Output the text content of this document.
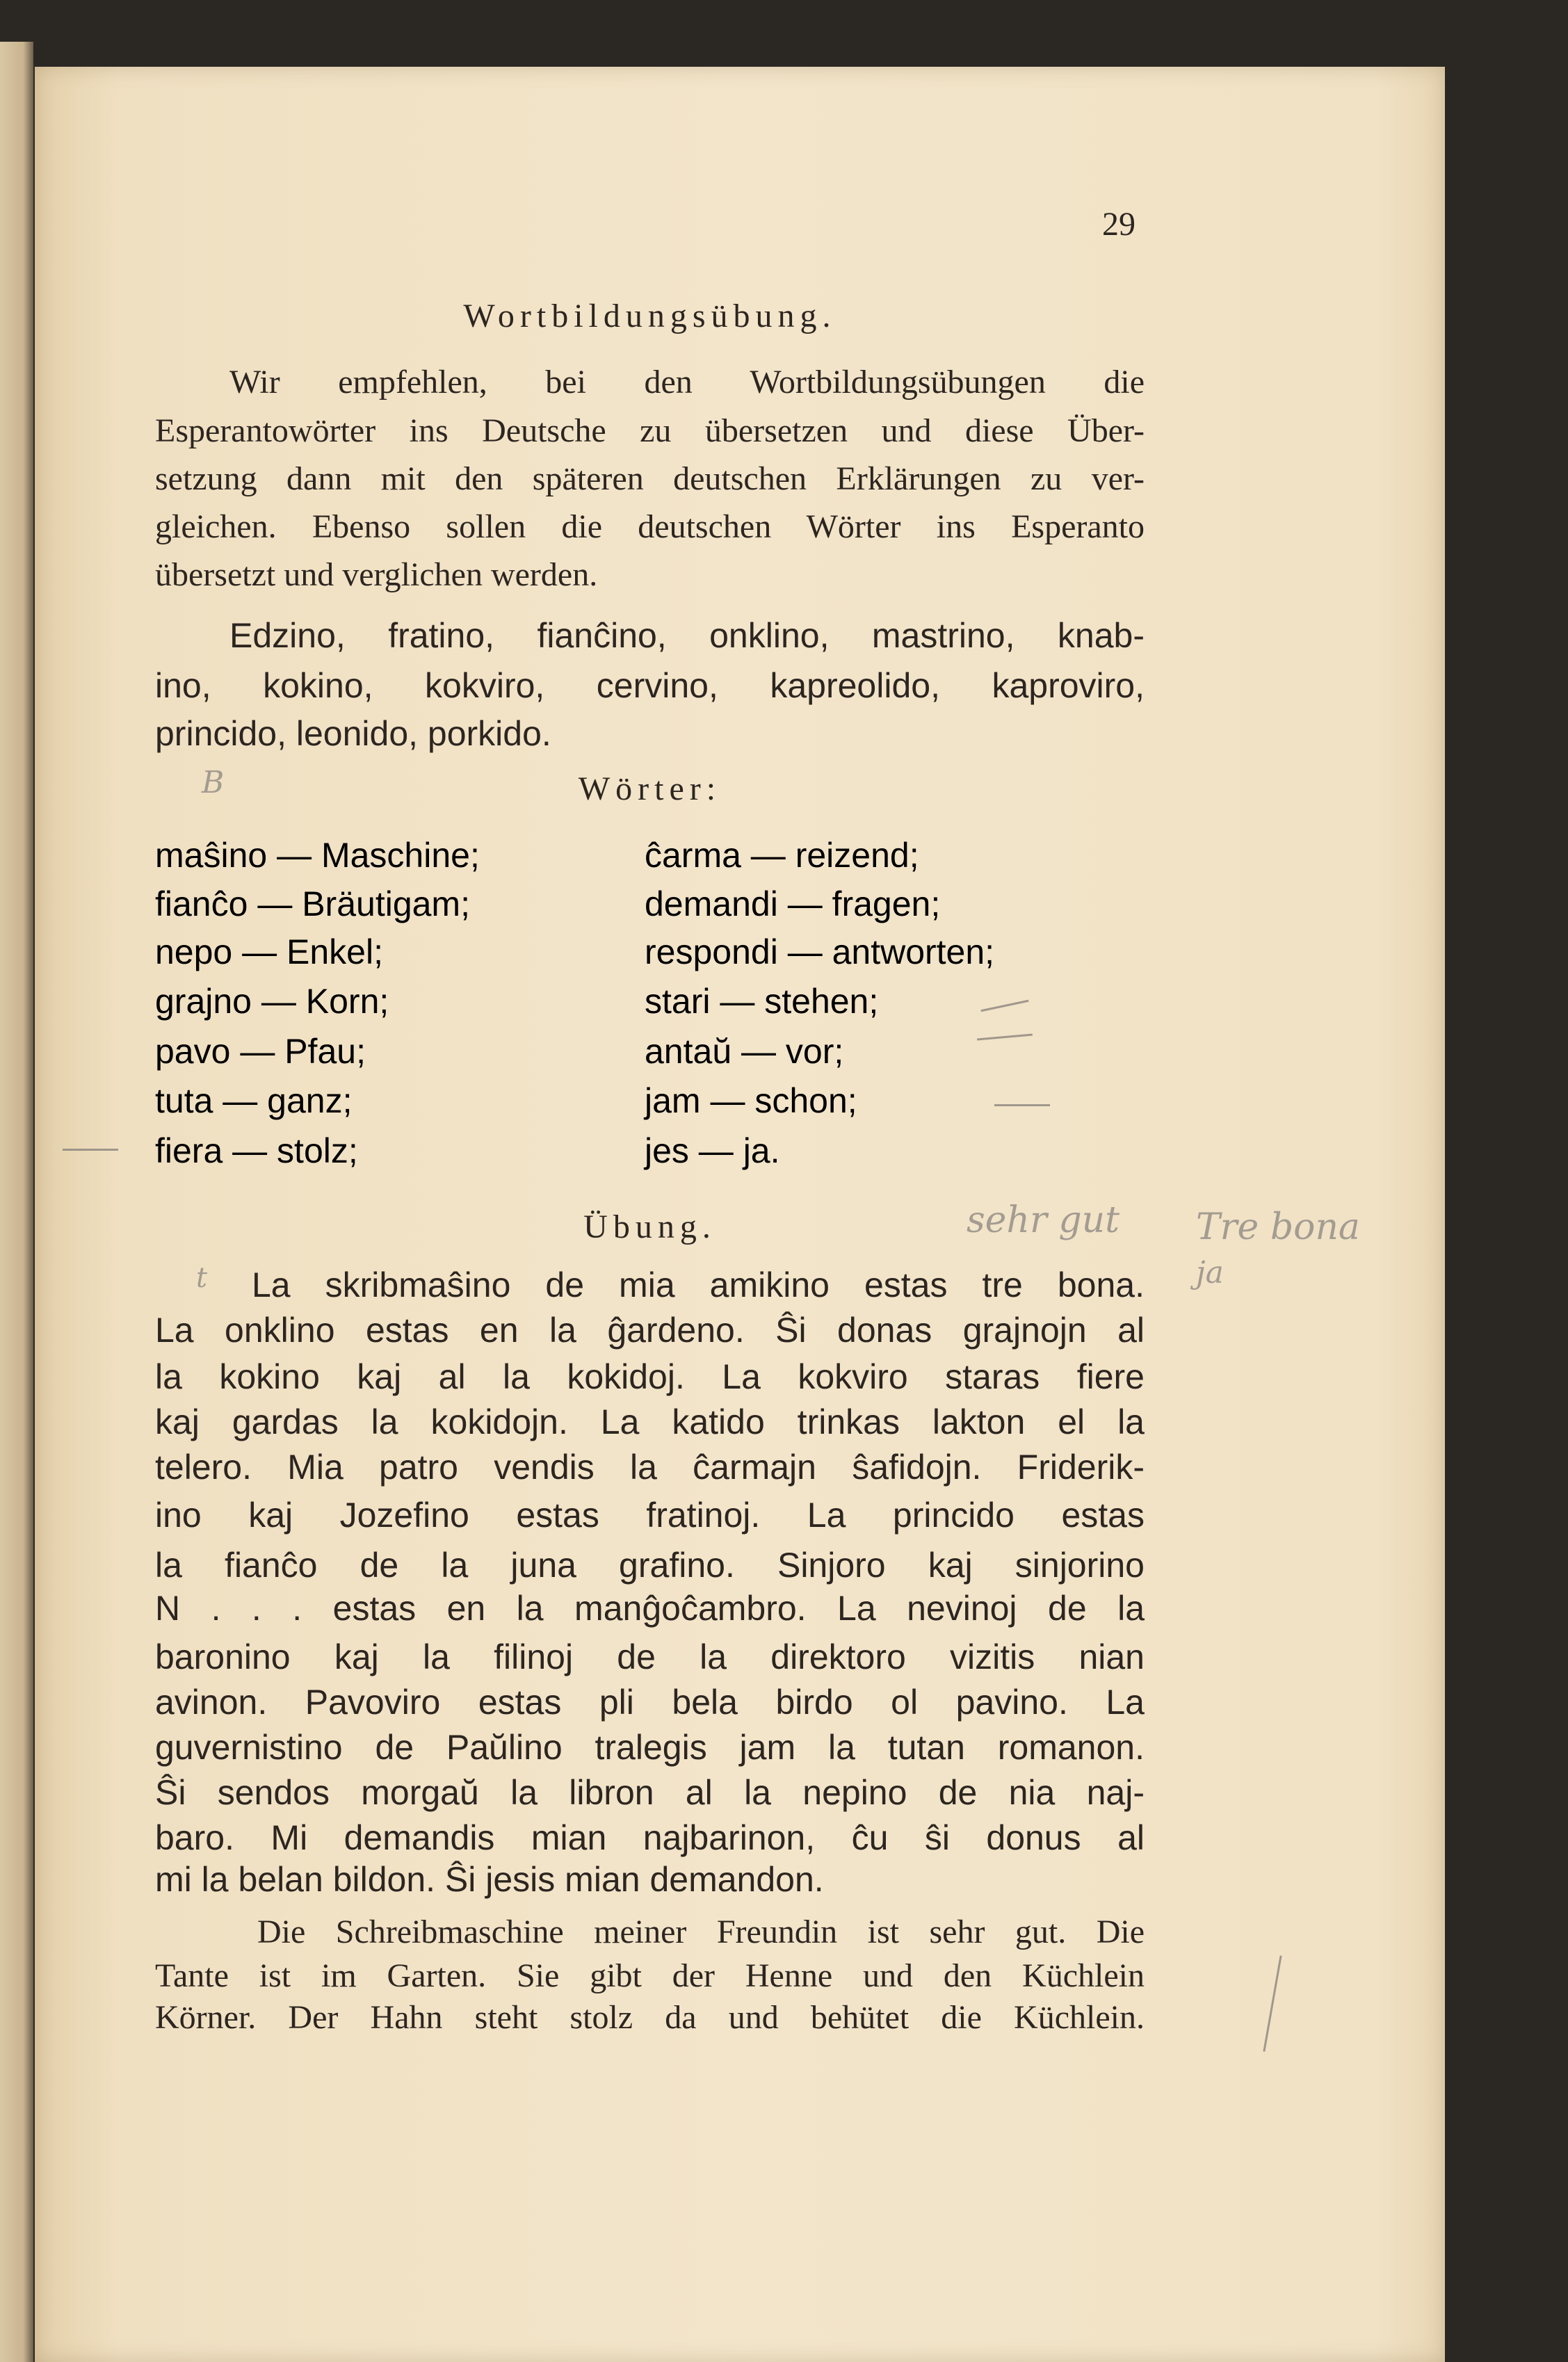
29
Wortbildungsübung.
Wir empfehlen, bei den Wortbildungsübungen die
Esperantowörter ins Deutsche zu übersetzen und diese Über-
setzung dann mit den späteren deutschen Erklärungen zu ver-
gleichen. Ebenso sollen die deutschen Wörter ins Esperanto
übersetzt und verglichen werden.
Edzino, fratino, fianĉino, onklino, mastrino, knab-
ino, kokino, kokviro, cervino, kapreolido, kaproviro,
princido, leonido, porkido.
B	Wörter:
maŝino — Maschine;
fianĉo — Bräutigam;
nepo — Enkel;
grajno — Korn;
pavo — Pfau;
tuta — ganz;
fiera — stolz;
ĉarma — reizend;
demandi — fragen;
respondi — antworten;
stari — stehen;
antaŭ — vor;
jam — schon;
jes — ja.
Übung.	sehr gut Tre bona
ja
t La skribmaŝino de mia amikino estas tre bona.
La onklino estas en la ĝardeno. Ŝi donas grajnojn al
la kokino kaj al la kokidoj. La kokviro staras fiere
kaj gardas la kokidojn. La katido trinkas lakton el la
telero. Mia patro vendis la ĉarmajn ŝafidojn. Friderik-
ino kaj Jozefino estas fratinoj. La princido estas
la fianĉo de la juna grafino. Sinjoro kaj sinjorino
N . . . estas en la manĝoĉambro. La nevinoj de la
baronino kaj la filinoj de la direktoro vizitis nian
avinon. Pavoviro estas pli bela birdo ol pavino. La
guvernistino de Paŭlino tralegis jam la tutan romanon.
Ŝi sendos morgaŭ la libron al la nepino de nia naj-
baro. Mi demandis mian najbarinon, ĉu ŝi donus al
mi la belan bildon. Ŝi jesis mian demandon.
Die Schreibmaschine meiner Freundin ist sehr gut. Die
Tante ist im Garten. Sie gibt der Henne und den Küchlein
Körner. Der Hahn steht stolz da und behütet die Küchlein.
